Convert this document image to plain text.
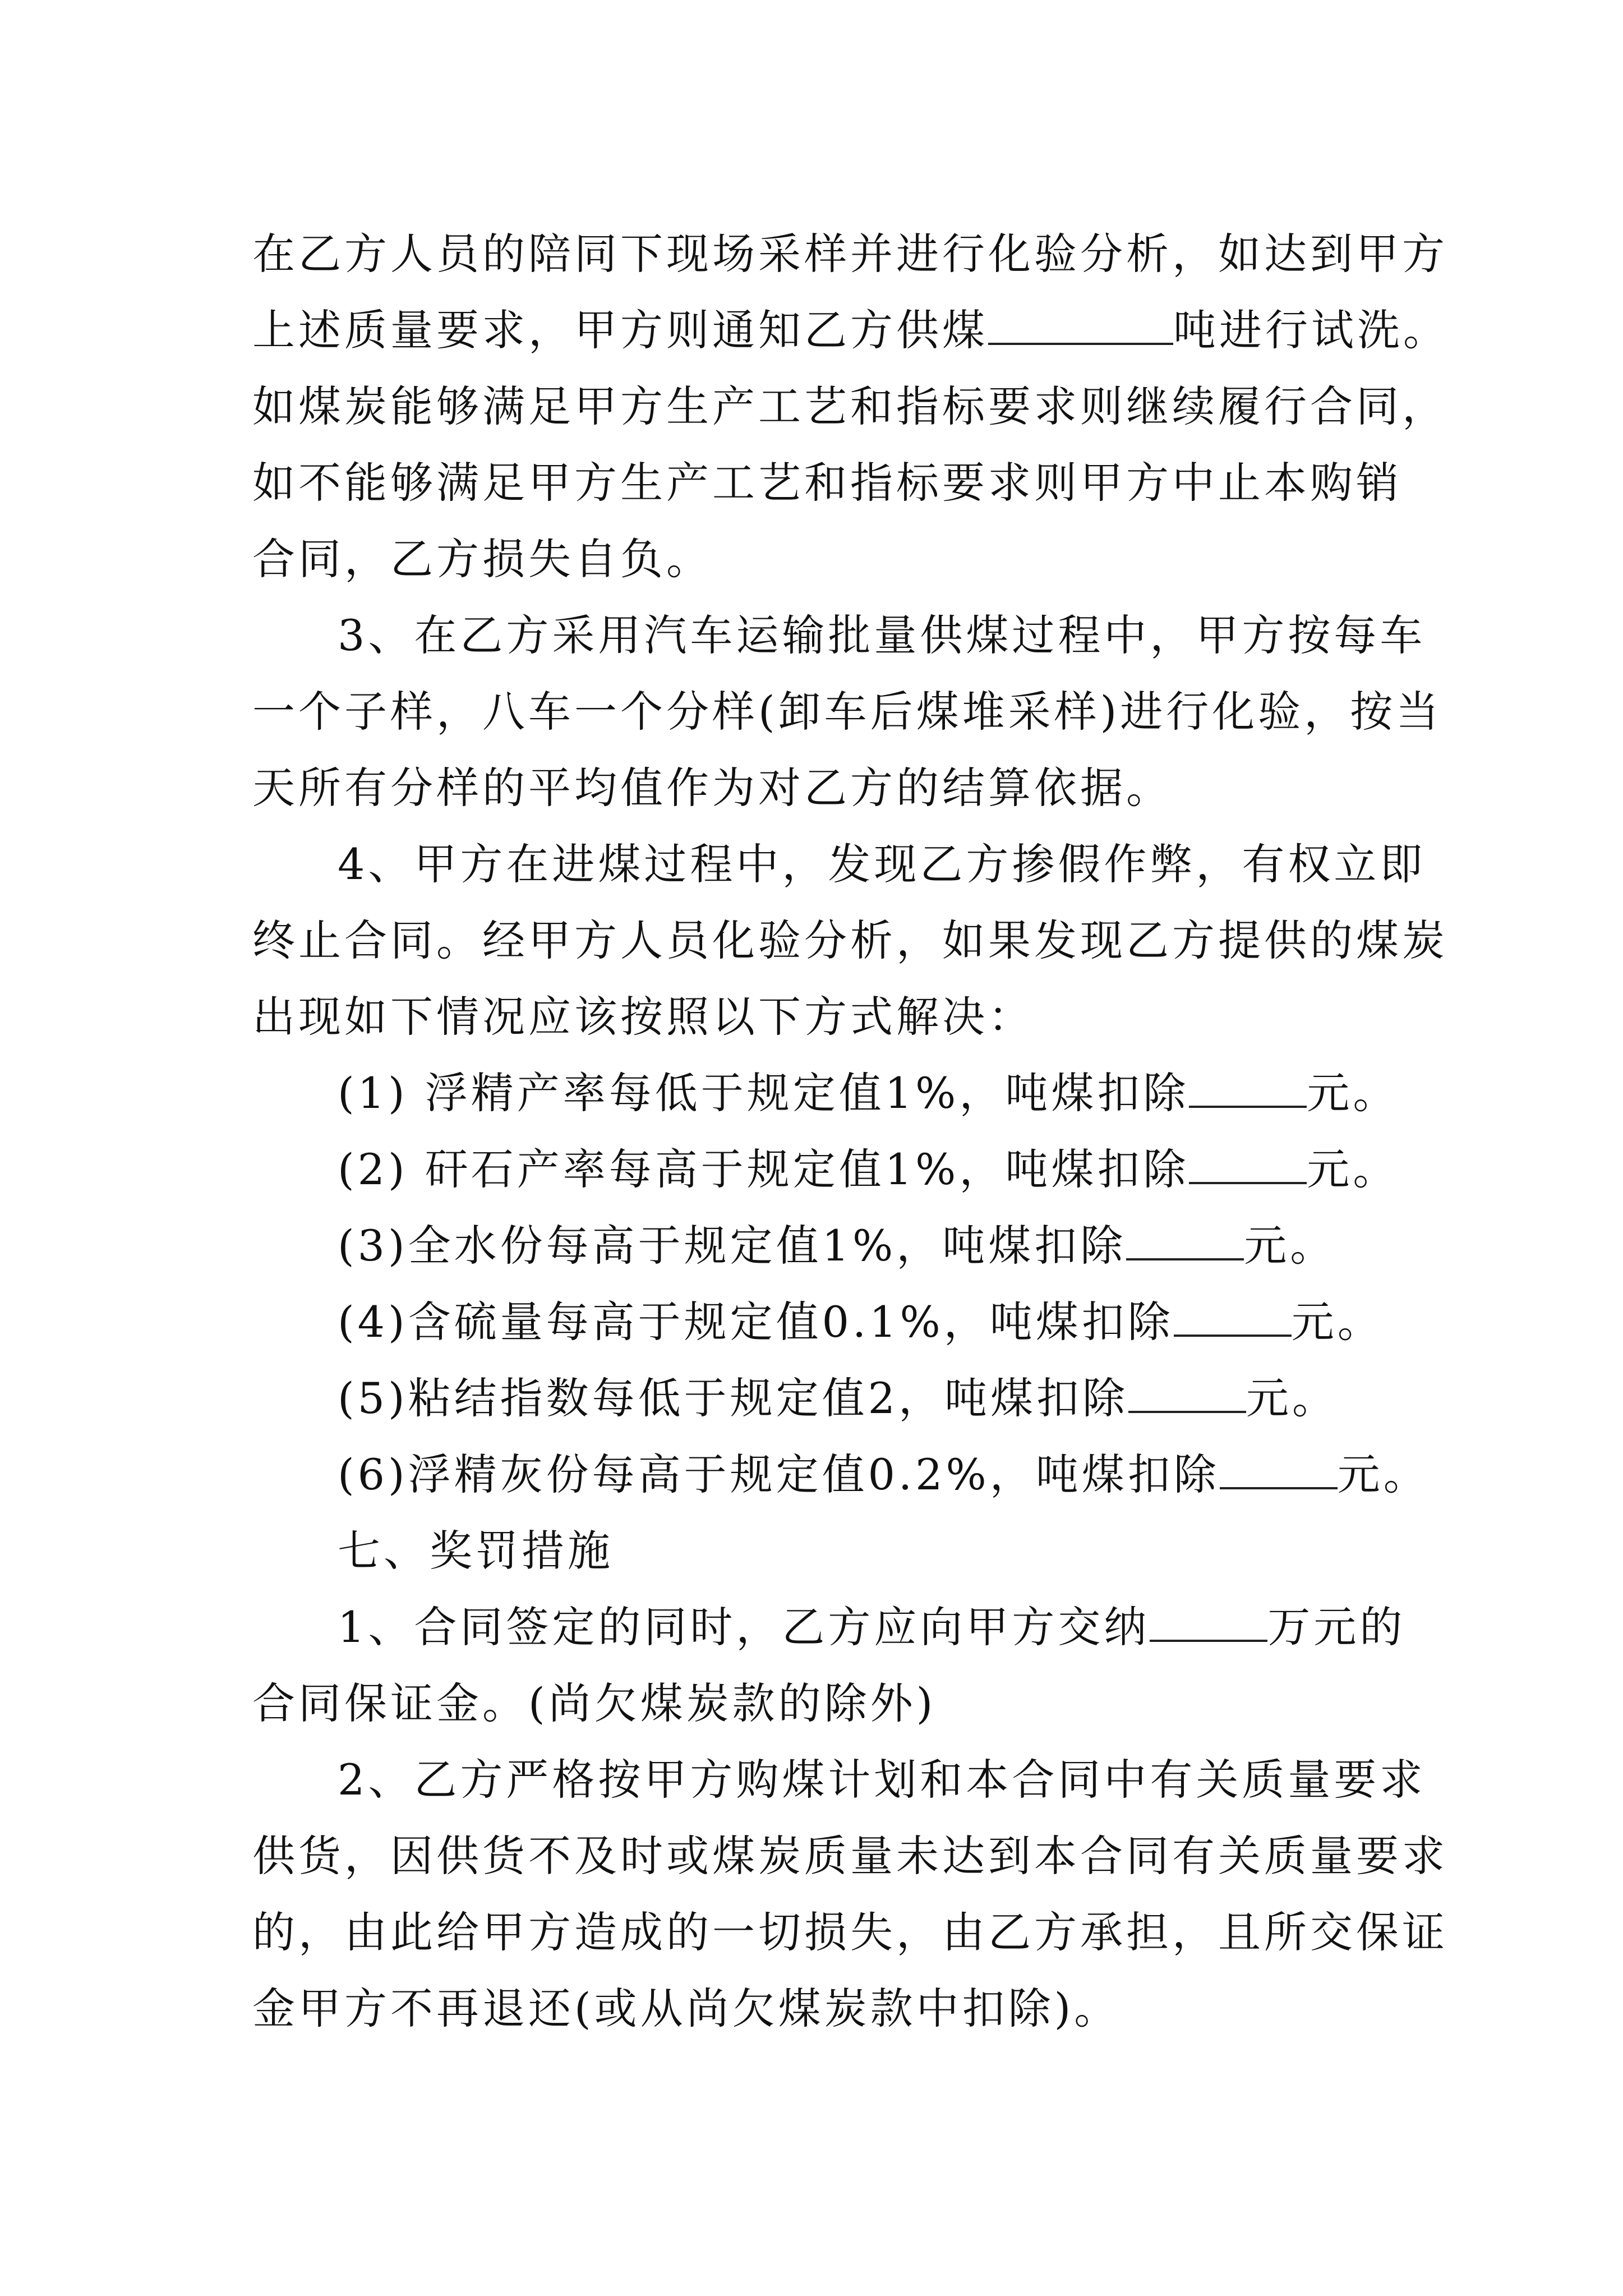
在乙方人员的陪同下现场采样并进行化验分析，如达到甲方
上述质量要求，甲方则通知乙方供煤	吨进行试洗。
如煤炭能够满足甲方生产工艺和指标要求则继续履行合同，
如不能够满足甲方生产工艺和指标要求则甲方中止本购销
合同，乙方损失自负。
3、在乙方采用汽车运输批量供煤过程中，甲方按每车
一个子样，八车一个分样(卸车后煤堆采样)进行化验，按当
天所有分样的平均值作为对乙方的结算依据。
4、甲方在进煤过程中，发现乙方掺假作弊，有权立即
终止合同。经甲方人员化验分析，如果发现乙方提供的煤炭
出现如下情况应该按照以下方式解决：
(1) 浮精产率每低于规定值1%，吨煤扣除	元。
(2) 矸石产率每高于规定值1%，吨煤扣除	元。
(3)全水份每高于规定值1%，吨煤扣除	元。
(4)含硫量每高于规定值0.1%，吨煤扣除	元。
(5)粘结指数每低于规定值2，吨煤扣除	元。
(6)浮精灰份每高于规定值0.2%，吨煤扣除	元。
七、奖罚措施
1、合同签定的同时，乙方应向甲方交纳	万元的
合同保证金。(尚欠煤炭款的除外)
2、乙方严格按甲方购煤计划和本合同中有关质量要求
供货，因供货不及时或煤炭质量未达到本合同有关质量要求
的，由此给甲方造成的一切损失，由乙方承担，且所交保证
金甲方不再退还(或从尚欠煤炭款中扣除)。
